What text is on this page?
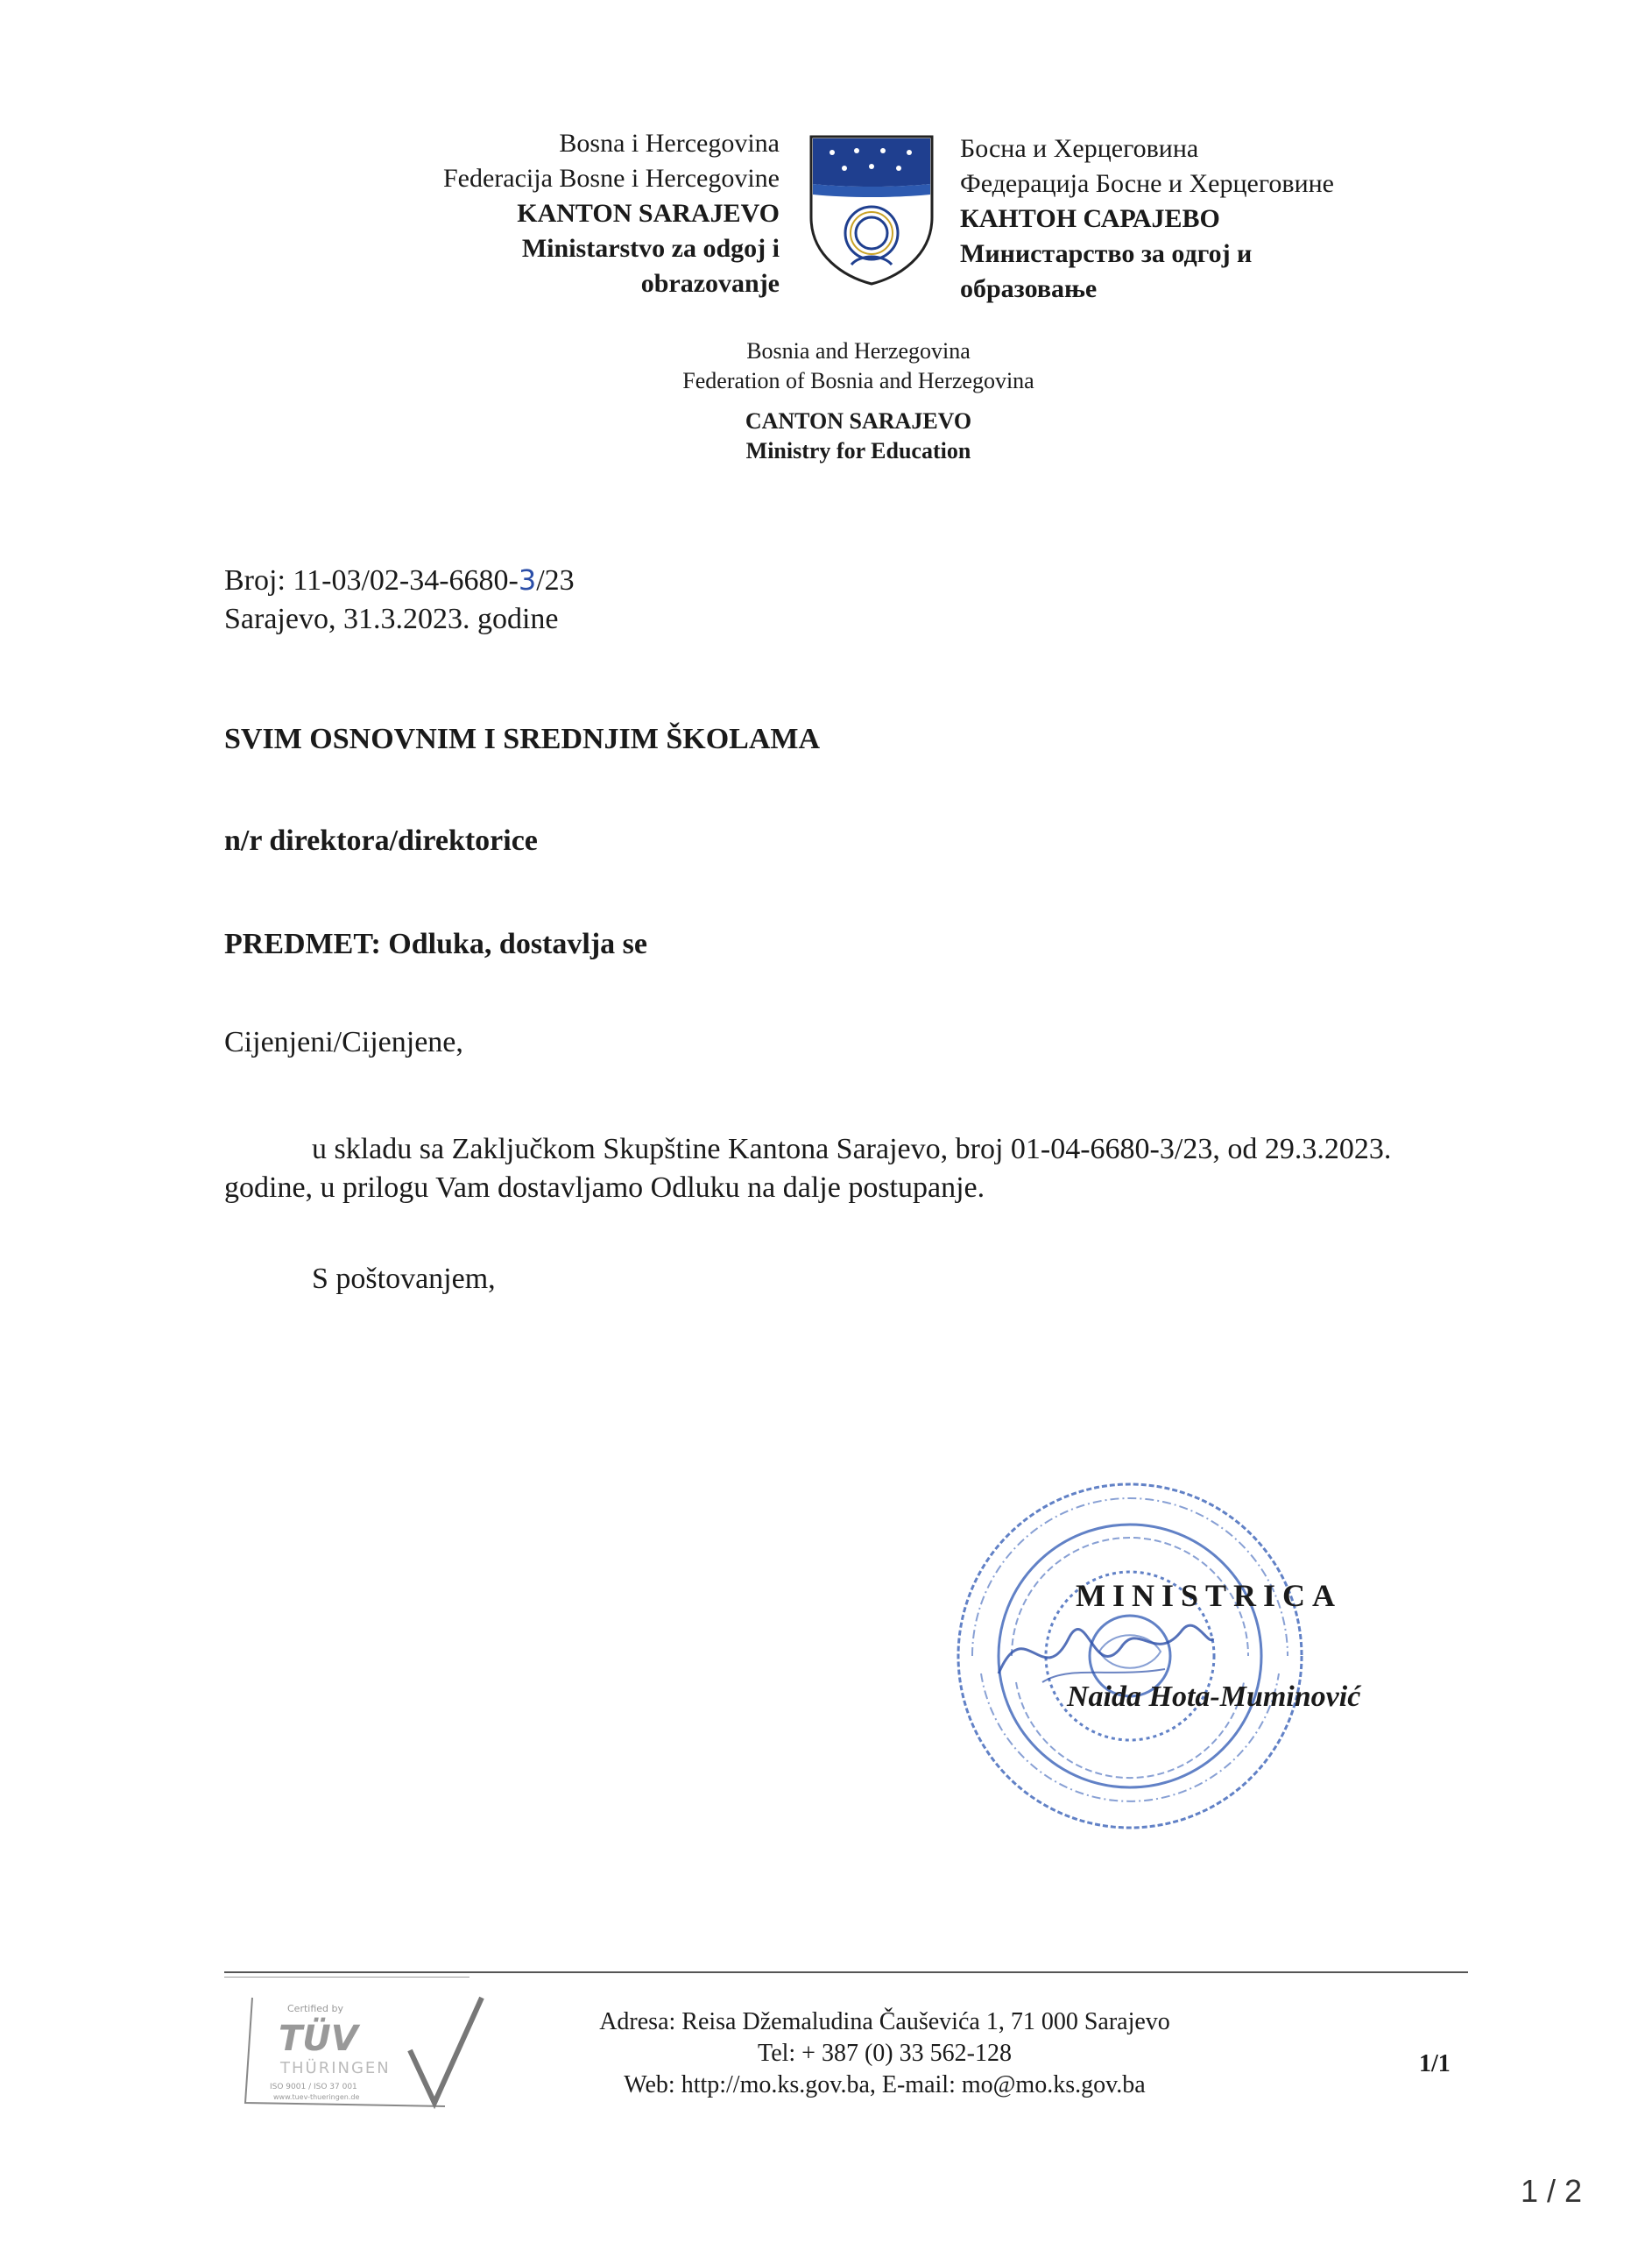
Bosna i Hercegovina
Federacija Bosne i Hercegovine
KANTON SARAJEVO
Ministarstvo za odgoj i
obrazovanje
Босна и Херцеговина
Федерација Босне и Херцеговине
КАНТОН САРАЈЕВО
Министарство за одгој и
образовање
Bosnia and Herzegovina
Federation of Bosnia and Herzegovina
CANTON SARAJEVO
Ministry for Education
Broj: 11-03/02-34-6680-3/23
Sarajevo, 31.3.2023. godine
SVIM OSNOVNIM I SREDNJIM ŠKOLAMA
n/r direktora/direktorice
PREDMET: Odluka, dostavlja se
Cijenjeni/Cijenjene,
u skladu sa Zaključkom Skupštine Kantona Sarajevo, broj 01-04-6680-3/23, od 29.3.2023.
godine, u prilogu Vam dostavljamo Odluku na dalje postupanje.
S poštovanjem,
MINISTRICA
Naida Hota-Muminović
Certified by
TÜV
THÜRINGEN
ISO 9001 / ISO 37 001
www.tuev-thueringen.de
Adresa: Reisa Džemaludina Čauševića 1, 71 000 Sarajevo
Tel: + 387 (0) 33 562-128
Web: http://mo.ks.gov.ba, E-mail: mo@mo.ks.gov.ba
1/1
1 / 2
